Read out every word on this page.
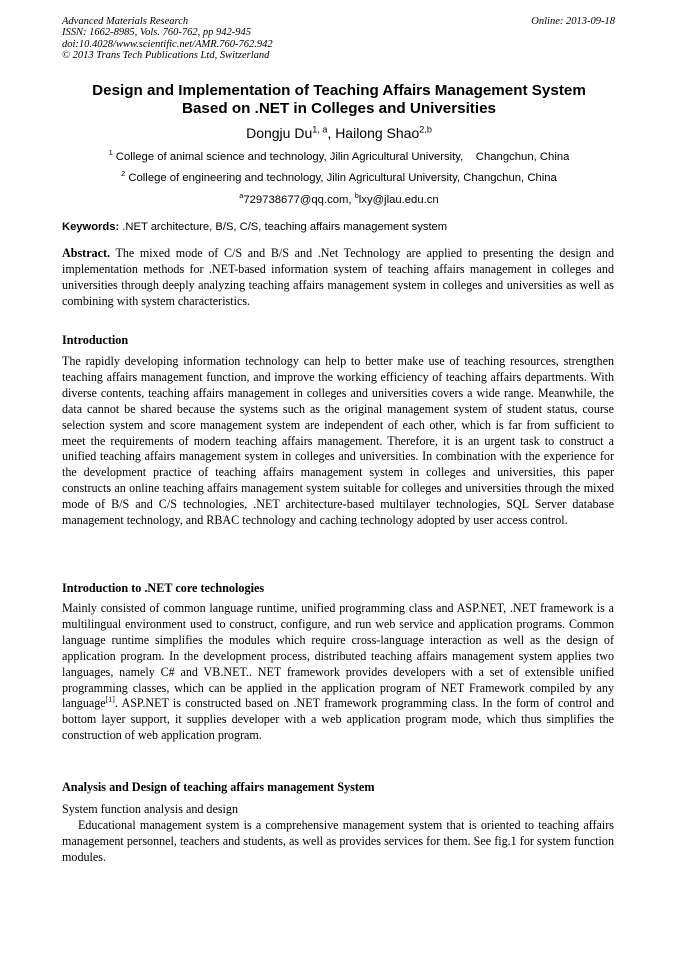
Advanced Materials Research
ISSN: 1662-8985, Vols. 760-762, pp 942-945
doi:10.4028/www.scientific.net/AMR.760-762.942
© 2013 Trans Tech Publications Ltd, Switzerland
Online: 2013-09-18
Design and Implementation of Teaching Affairs Management System
Based on .NET in Colleges and Universities
Dongju Du$^{1, a}$, Hailong Shao$^{2,b}$
$^1$ College of animal science and technology, Jilin Agricultural University,    Changchun, China
$^2$ College of engineering and technology, Jilin Agricultural University, Changchun, China
$^a$729738677@qq.com, $^b$lxy@jlau.edu.cn
Keywords: .NET architecture, B/S, C/S, teaching affairs management system
Abstract. The mixed mode of C/S and B/S and .Net Technology are applied to presenting the design and implementation methods for .NET-based information system of teaching affairs management in colleges and universities through deeply analyzing teaching affairs management system in colleges and universities as well as combining with system characteristics.
Introduction
The rapidly developing information technology can help to better make use of teaching resources, strengthen teaching affairs management function, and improve the working efficiency of teaching affairs departments. With diverse contents, teaching affairs management in colleges and universities covers a wide range. Meanwhile, the data cannot be shared because the systems such as the original management system of student status, course selection system and score management system are independent of each other, which is far from sufficient to meet the requirements of modern teaching affairs management. Therefore, it is an urgent task to construct a unified teaching affairs management system in colleges and universities. In combination with the experience for the development practice of teaching affairs management system in colleges and universities, this paper constructs an online teaching affairs management system suitable for colleges and universities through the mixed mode of B/S and C/S technologies, .NET architecture-based multilayer technologies, SQL Server database management technology, and RBAC technology and caching technology adopted by user access control.
Introduction to .NET core technologies
Mainly consisted of common language runtime, unified programming class and ASP.NET, .NET framework is a multilingual environment used to construct, configure, and run web service and application programs. Common language runtime simplifies the modules which require cross-language interaction as well as the design of application program. In the development process, distributed teaching affairs management system applies two languages, namely C# and VB.NET.. NET framework provides developers with a set of extensible unified programming classes, which can be applied in the application program of NET Framework compiled by any language[1]. ASP.NET is constructed based on .NET framework programming class. In the form of control and bottom layer support, it supplies developer with a web application program mode, which thus simplifies the construction of web application program.
Analysis and Design of teaching affairs management System
System function analysis and design
Educational management system is a comprehensive management system that is oriented to teaching affairs management personnel, teachers and students, as well as provides services for them. See fig.1 for system function modules.
